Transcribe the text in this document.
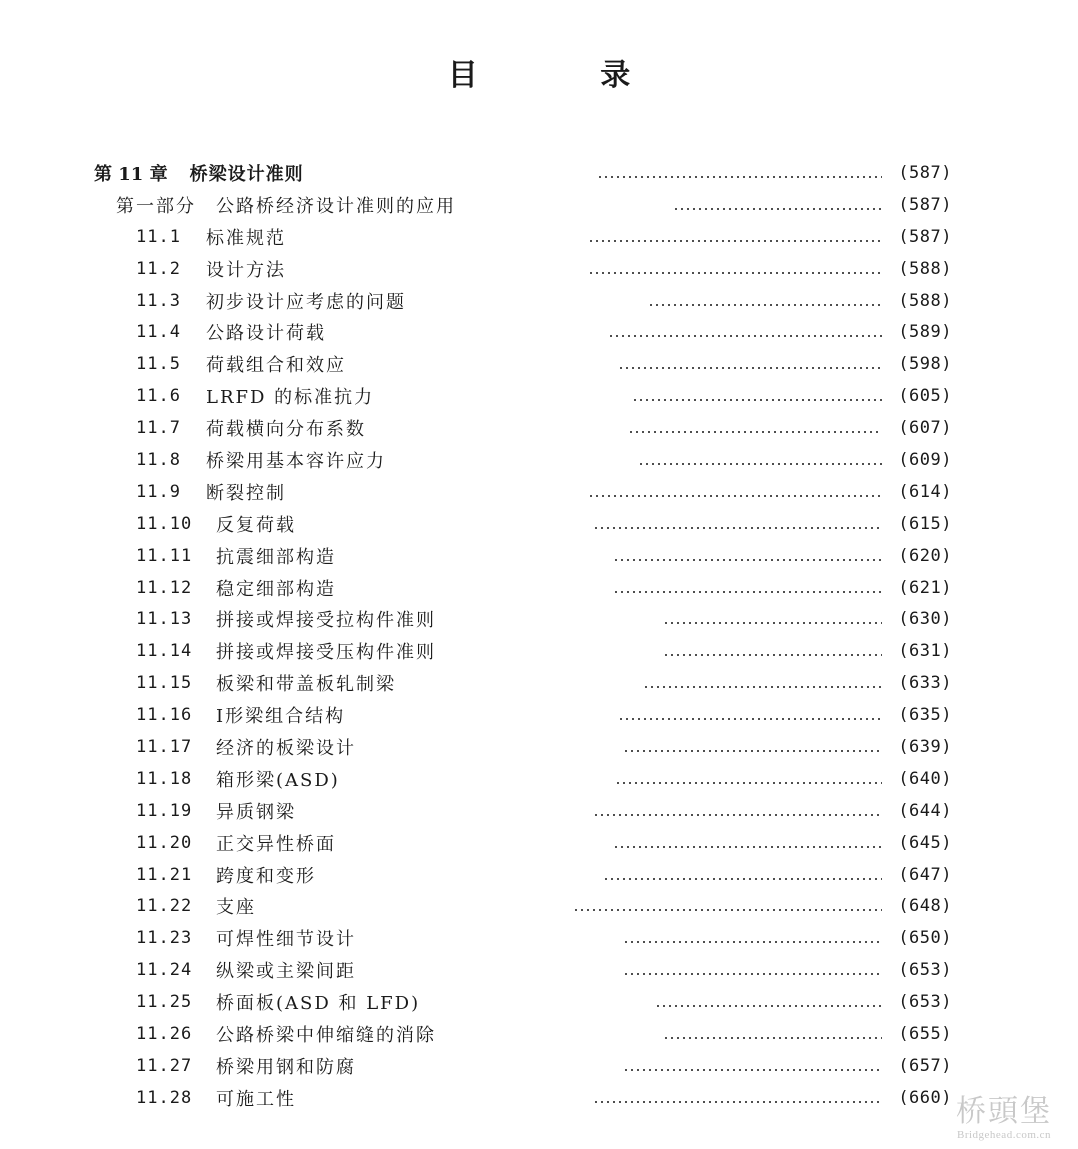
目 录
第 11 章 桥梁设计准则	(587)
第一部分 公路桥经济设计准则的应用	(587)
11.1	标准规范	(587)
11.2	设计方法	(588)
11.3	初步设计应考虑的问题	(588)
11.4	公路设计荷载	(589)
11.5	荷载组合和效应	(598)
11.6	LRFD 的标准抗力	(605)
11.7	荷载横向分布系数	(607)
11.8	桥梁用基本容许应力	(609)
11.9	断裂控制	(614)
11.10	反复荷载	(615)
11.11	抗震细部构造	(620)
11.12	稳定细部构造	(621)
11.13	拼接或焊接受拉构件准则	(630)
11.14	拼接或焊接受压构件准则	(631)
11.15	板梁和带盖板轧制梁	(633)
11.16	Ⅰ形梁组合结构	(635)
11.17	经济的板梁设计	(639)
11.18	箱形梁(ASD)	(640)
11.19	异质钢梁	(644)
11.20	正交异性桥面	(645)
11.21	跨度和变形	(647)
11.22	支座	(648)
11.23	可焊性细节设计	(650)
11.24	纵梁或主梁间距	(653)
11.25	桥面板(ASD 和 LFD)	(653)
11.26	公路桥梁中伸缩缝的消除	(655)
11.27	桥梁用钢和防腐	(657)
11.28	可施工性	(660) 桥頭堡
Bridgehead.com.cn
